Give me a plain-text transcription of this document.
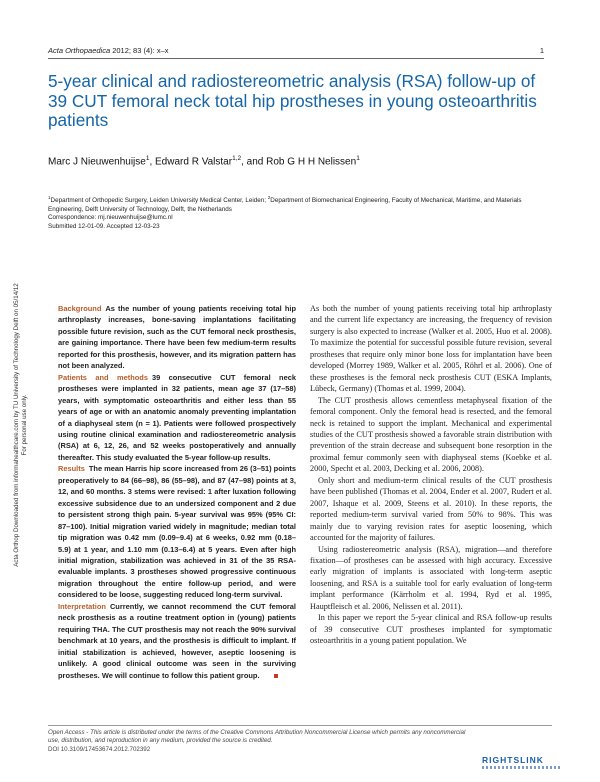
Acta Orthopaedica 2012; 83 (4): x–x	1
5-year clinical and radiostereometric analysis (RSA) follow-up of 39 CUT femoral neck total hip prostheses in young osteoarthritis patients
Marc J Nieuwenhuijse$^1$, Edward R Valstar$^{1,2}$, and Rob G H H Nelissen$^1$
$^1$Department of Orthopedic Surgery, Leiden University Medical Center, Leiden; $^2$Department of Biomechanical Engineering, Faculty of Mechanical, Maritime, and Materials Engineering, Delft University of Technology, Delft, the Netherlands
Correspondence: mj.nieuwenhuijse@lumc.nl
Submitted 12-01-09. Accepted 12-03-23
Acta Orthop Downloaded from informahealthcare.com by TU University of Technology Delft on 05/14/12 For personal use only.

Background As the number of young patients receiving total hip arthroplasty increases, bone-saving implantations facilitating possible future revision, such as the CUT femoral neck prosthesis, are gaining importance. There have been few medium-term results reported for this prosthesis, however, and its migration pattern has not been analyzed.

Patients and methods 39 consecutive CUT femoral neck prostheses were implanted in 32 patients, mean age 37 (17–58) years, with symptomatic osteoarthritis and either less than 55 years of age or with an anatomic anomaly preventing implantation of a diaphyseal stem (n = 1). Patients were followed prospectively using routine clinical examination and radiostereometric analysis (RSA) at 6, 12, 26, and 52 weeks postoperatively and annually thereafter. This study evaluated the 5-year follow-up results.

Results The mean Harris hip score increased from 26 (3–51) points preoperatively to 84 (66–98), 86 (55–98), and 87 (47–98) points at 3, 12, and 60 months. 3 stems were revised: 1 after luxation following excessive subsidence due to an undersized component and 2 due to persistent strong thigh pain. 5-year survival was 95% (95% CI: 87–100). Initial migration varied widely in magnitude; median total tip migration was 0.42 mm (0.09–9.4) at 6 weeks, 0.92 mm (0.18–5.9) at 1 year, and 1.10 mm (0.13–6.4) at 5 years. Even after high initial migration, stabilization was achieved in 31 of the 35 RSA-evaluable implants. 3 prostheses showed progressive continuous migration throughout the entire follow-up period, and were considered to be loose, suggesting reduced long-term survival.

Interpretation Currently, we cannot recommend the CUT femoral neck prosthesis as a routine treatment option in (young) patients requiring THA. The CUT prosthesis may not reach the 90% survival benchmark at 10 years, and the prosthesis is difficult to implant. If initial stabilization is achieved, however, aseptic loosening is unlikely. A good clinical outcome was seen in the surviving prostheses. We will continue to follow this patient group.

As both the number of young patients receiving total hip arthroplasty and the current life expectancy are increasing, the frequency of revision surgery is also expected to increase (Walker et al. 2005, Huo et al. 2008). To maximize the potential for successful possible future revision, several prostheses that require only minor bone loss for implantation have been developed (Morrey 1989, Walker et al. 2005, Röhrl et al. 2006). One of these prostheses is the femoral neck prosthesis CUT (ESKA Implants, Lübeck, Germany) (Thomas et al. 1999, 2004).

The CUT prosthesis allows cementless metaphyseal fixation of the femoral component. Only the femoral head is resected, and the femoral neck is retained to support the implant. Mechanical and experimental studies of the CUT prosthesis showed a favorable strain distribution with prevention of the strain decrease and subsequent bone resorption in the proximal femur commonly seen with diaphyseal stems (Koebke et al. 2000, Specht et al. 2003, Decking et al. 2006, 2008).

Only short and medium-term clinical results of the CUT prosthesis have been published (Thomas et al. 2004, Ender et al. 2007, Rudert et al. 2007, Ishaque et al. 2009, Steens et al. 2010). In these reports, the reported medium-term survival varied from 50% to 98%. This was mainly due to varying revision rates for aseptic loosening, which accounted for the majority of failures.

Using radiostereometric analysis (RSA), migration—and therefore fixation—of prostheses can be assessed with high accuracy. Excessive early migration of implants is associated with long-term aseptic loosening, and RSA is a suitable tool for early evaluation of long-term implant performance (Kärrholm et al. 1994, Ryd et al. 1995, Hauptfleisch et al. 2006, Nelissen et al. 2011).

In this paper we report the 5-year clinical and RSA follow-up results of 39 consecutive CUT prostheses implanted for symptomatic osteoarthritis in a young patient population. We

Open Access - This article is distributed under the terms of the Creative Commons Attribution Noncommercial License which permits any noncommercial use, distribution, and reproduction in any medium, provided the source is credited.
DOI 10.3109/17453674.2012.702392
RIGHTSLINK
